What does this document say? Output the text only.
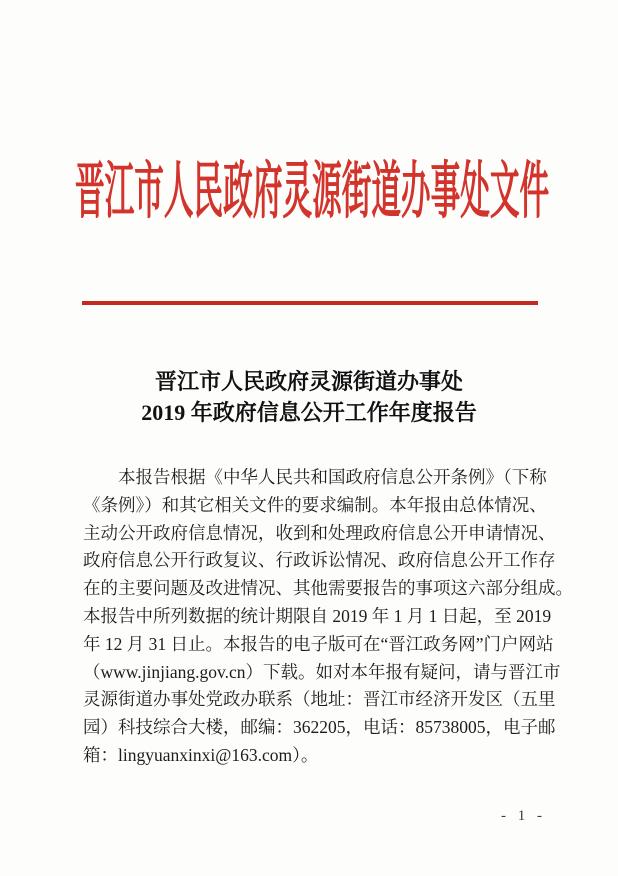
晋江市人民政府灵源街道办事处文件
晋江市人民政府灵源街道办事处
2019 年政府信息公开工作年度报告
本报告根据《中华人民共和国政府信息公开条例》（下称
《条例》）和其它相关文件的要求编制。本年报由总体情况、
主动公开政府信息情况，收到和处理政府信息公开申请情况、
政府信息公开行政复议、行政诉讼情况、政府信息公开工作存
在的主要问题及改进情况、其他需要报告的事项这六部分组成。
本报告中所列数据的统计期限自 2019 年 1 月 1 日起，至 2019
年 12 月 31 日止。本报告的电子版可在“晋江政务网”门户网站
（www.jinjiang.gov.cn）下载。如对本年报有疑问，请与晋江市
灵源街道办事处党政办联系（地址：晋江市经济开发区（五里
园）科技综合大楼，邮编：362205，电话：85738005，电子邮
箱：lingyuanxinxi@163.com）。
- 1 -
